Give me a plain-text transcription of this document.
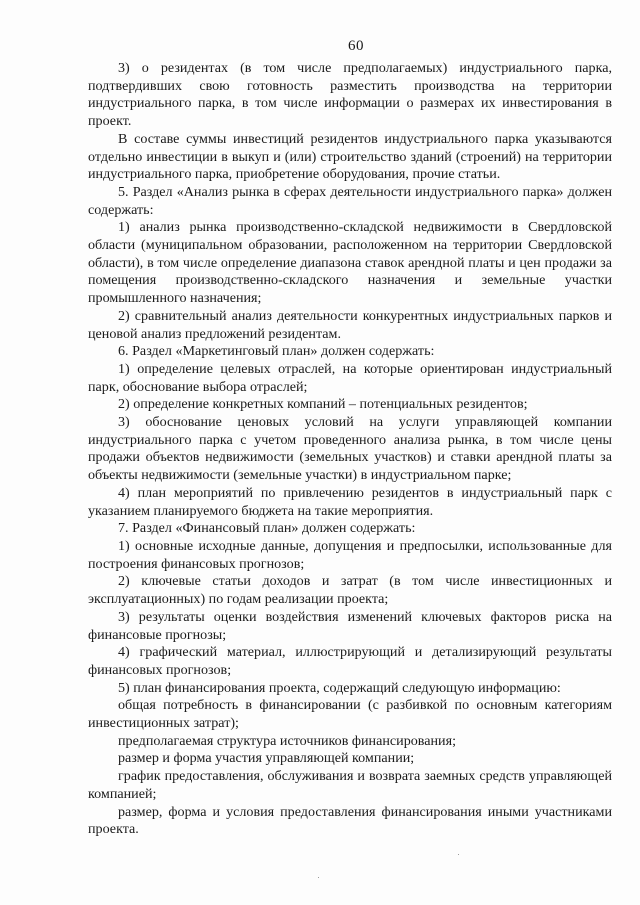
60

3) о резидентах (в том числе предполагаемых) индустриального парка, подтвердивших свою готовность разместить производства на территории индустриального парка, в том числе информации о размерах их инвестирования в проект.

В составе суммы инвестиций резидентов индустриального парка указываются отдельно инвестиции в выкуп и (или) строительство зданий (строений) на территории индустриального парка, приобретение оборудования, прочие статьи.

5. Раздел «Анализ рынка в сферах деятельности индустриального парка» должен содержать:

1) анализ рынка производственно-складской недвижимости в Свердловской области (муниципальном образовании, расположенном на территории Свердловской области), в том числе определение диапазона ставок арендной платы и цен продажи за помещения производственно-складского назначения и земельные участки промышленного назначения;

2) сравнительный анализ деятельности конкурентных индустриальных парков и ценовой анализ предложений резидентам.

6. Раздел «Маркетинговый план» должен содержать:

1) определение целевых отраслей, на которые ориентирован индустриальный парк, обоснование выбора отраслей;

2) определение конкретных компаний – потенциальных резидентов;

3) обоснование ценовых условий на услуги управляющей компании индустриального парка с учетом проведенного анализа рынка, в том числе цены продажи объектов недвижимости (земельных участков) и ставки арендной платы за объекты недвижимости (земельные участки) в индустриальном парке;

4) план мероприятий по привлечению резидентов в индустриальный парк с указанием планируемого бюджета на такие мероприятия.

7. Раздел «Финансовый план» должен содержать:

1) основные исходные данные, допущения и предпосылки, использованные для построения финансовых прогнозов;

2) ключевые статьи доходов и затрат (в том числе инвестиционных и эксплуатационных) по годам реализации проекта;

3) результаты оценки воздействия изменений ключевых факторов риска на финансовые прогнозы;

4) графический материал, иллюстрирующий и детализирующий результаты финансовых прогнозов;

5) план финансирования проекта, содержащий следующую информацию:

общая потребность в финансировании (с разбивкой по основным категориям инвестиционных затрат);

предполагаемая структура источников финансирования;

размер и форма участия управляющей компании;

график предоставления, обслуживания и возврата заемных средств управляющей компанией;

размер, форма и условия предоставления финансирования иными участниками проекта.
